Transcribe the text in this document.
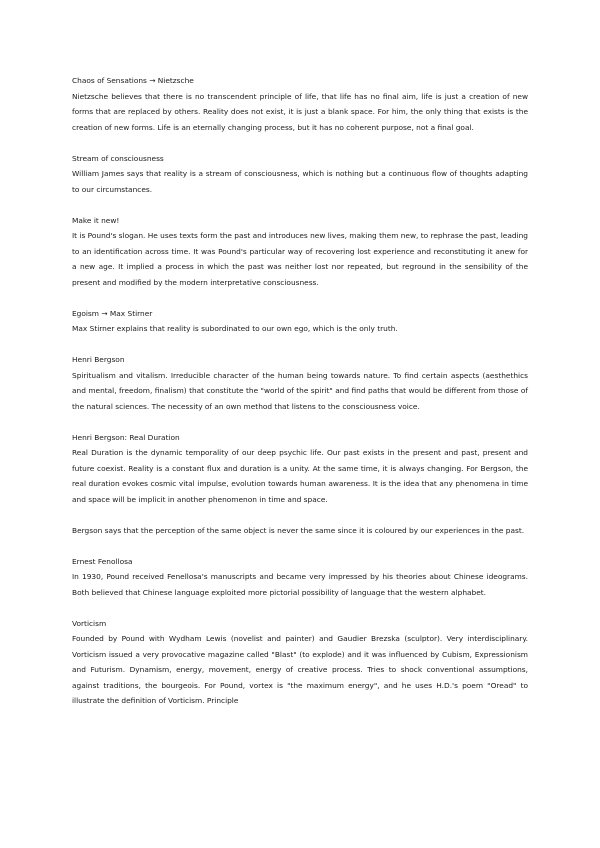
Chaos of Sensations → Nietzsche

Nietzsche believes that there is no transcendent principle of life, that life has no final aim, life is just a creation of new forms that are replaced by others. Reality does not exist, it is just a blank space. For him, the only thing that exists is the creation of new forms. Life is an eternally changing process, but it has no coherent purpose, not a final goal.

Stream of consciousness

William James says that reality is a stream of consciousness, which is nothing but a continuous flow of thoughts adapting to our circumstances.

Make it new!

It is Pound's slogan. He uses texts form the past and introduces new lives, making them new, to rephrase the past, leading to an identification across time. It was Pound's particular way of recovering lost experience and reconstituting it anew for a new age. It implied a process in which the past was neither lost nor repeated, but reground in the sensibility of the present and modified by the modern interpretative consciousness.

Egoism → Max Stirner

Max Stirner explains that reality is subordinated to our own ego, which is the only truth.

Henri Bergson

Spiritualism and vitalism. Irreducible character of the human being towards nature. To find certain aspects (aesthethics and mental, freedom, finalism) that constitute the "world of the spirit" and find paths that would be different from those of the natural sciences. The necessity of an own method that listens to the consciousness voice.

Henri Bergson: Real Duration

Real Duration is the dynamic temporality of our deep psychic life. Our past exists in the present and past, present and future coexist. Reality is a constant flux and duration is a unity. At the same time, it is always changing. For Bergson, the real duration evokes cosmic vital impulse, evolution towards human awareness. It is the idea that any phenomena in time and space will be implicit in another phenomenon in time and space.

Bergson says that the perception of the same object is never the same since it is coloured by our experiences in the past.

Ernest Fenollosa

In 1930, Pound received Fenellosa's manuscripts and became very impressed by his theories about Chinese ideograms. Both believed that Chinese language exploited more pictorial possibility of language that the western alphabet.

Vorticism

Founded by Pound with Wydham Lewis (novelist and painter) and Gaudier Brezska (sculptor). Very interdisciplinary. Vorticism issued a very provocative magazine called "Blast" (to explode) and it was influenced by Cubism, Expressionism and Futurism. Dynamism, energy, movement, energy of creative process. Tries to shock conventional assumptions, against traditions, the bourgeois. For Pound, vortex is "the maximum energy", and he uses H.D.'s poem "Oread" to illustrate the definition of Vorticism. Principle
